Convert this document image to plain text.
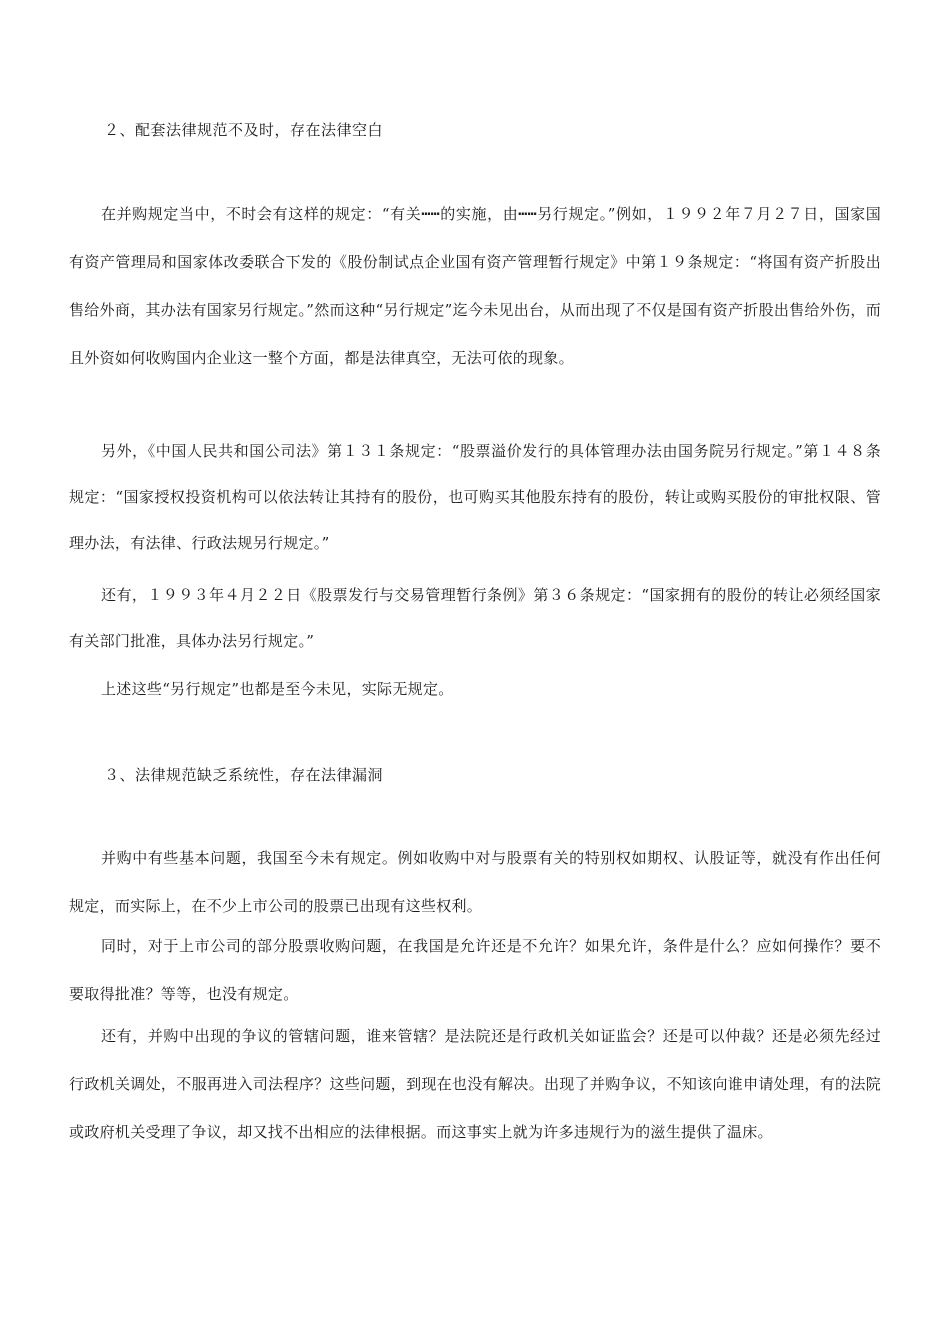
２、配套法律规范不及时，存在法律空白
在并购规定当中，不时会有这样的规定：“有关┅┅的实施，由┅┅另行规定。”例如，１９９２年７月２７日，国家国有资产管理局和国家体改委联合下发的《股份制试点企业国有资产管理暂行规定》中第１９条规定：“将国有资产折股出售给外商，其办法有国家另行规定。”然而这种“另行规定”迄今未见出台，从而出现了不仅是国有资产折股出售给外伤，而且外资如何收购国内企业这一整个方面，都是法律真空，无法可依的现象。
另外，《中国人民共和国公司法》第１３１条规定：“股票溢价发行的具体管理办法由国务院另行规定。”第１４８条规定：“国家授权投资机构可以依法转让其持有的股份，也可购买其他股东持有的股份，转让或购买股份的审批权限、管理办法，有法律、行政法规另行规定。”
还有，１９９３年４月２２日《股票发行与交易管理暂行条例》第３６条规定：“国家拥有的股份的转让必须经国家有关部门批准，具体办法另行规定。”
上述这些“另行规定”也都是至今未见，实际无规定。
３、法律规范缺乏系统性，存在法律漏洞
并购中有些基本问题，我国至今未有规定。例如收购中对与股票有关的特别权如期权、认股证等，就没有作出任何规定，而实际上，在不少上市公司的股票已出现有这些权利。
同时，对于上市公司的部分股票收购问题，在我国是允许还是不允许？如果允许，条件是什么？应如何操作？要不要取得批准？等等，也没有规定。
还有，并购中出现的争议的管辖问题，谁来管辖？是法院还是行政机关如证监会？还是可以仲裁？还是必须先经过行政机关调处，不服再进入司法程序？这些问题，到现在也没有解决。出现了并购争议，不知该向谁申请处理，有的法院或政府机关受理了争议，却又找不出相应的法律根据。而这事实上就为许多违规行为的滋生提供了温床。
